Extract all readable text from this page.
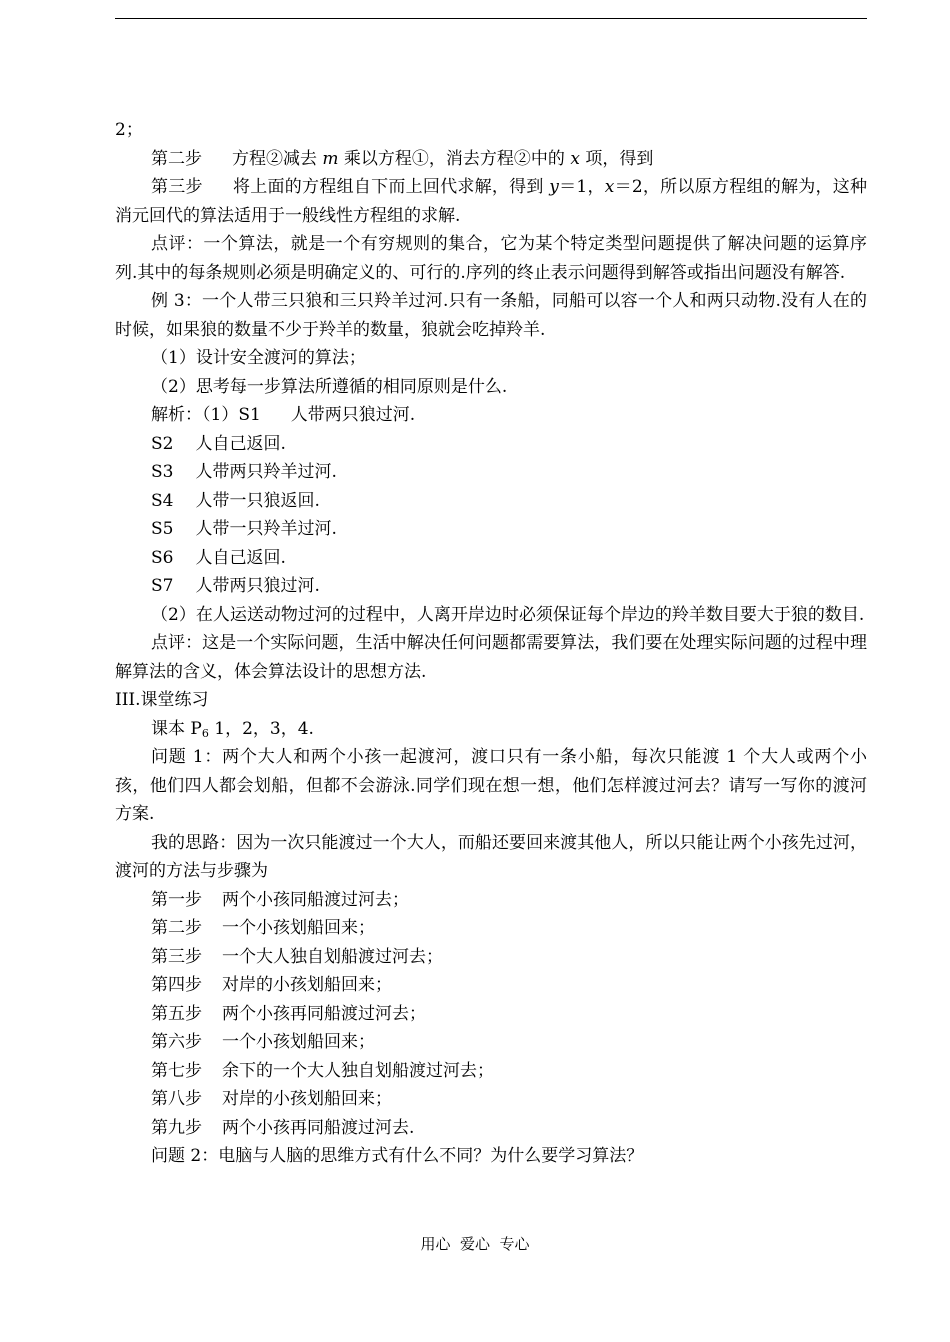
2；

第二步 方程②减去 m 乘以方程①，消去方程②中的 x 项，得到

第三步 将上面的方程组自下而上回代求解，得到 y＝1，x＝2，所以原方程组的解为，这种消元回代的算法适用于一般线性方程组的求解.

点评：一个算法，就是一个有穷规则的集合，它为某个特定类型问题提供了解决问题的运算序列.其中的每条规则必须是明确定义的、可行的.序列的终止表示问题得到解答或指出问题没有解答.

例 3：一个人带三只狼和三只羚羊过河.只有一条船，同船可以容一个人和两只动物.没有人在的时候，如果狼的数量不少于羚羊的数量，狼就会吃掉羚羊.

（1）设计安全渡河的算法；

（2）思考每一步算法所遵循的相同原则是什么.

解析：（1）S1 人带两只狼过河.

S2 人自己返回.

S3 人带两只羚羊过河.

S4 人带一只狼返回.

S5 人带一只羚羊过河.

S6 人自己返回.

S7 人带两只狼过河.

（2）在人运送动物过河的过程中，人离开岸边时必须保证每个岸边的羚羊数目要大于狼的数目.

点评：这是一个实际问题，生活中解决任何问题都需要算法，我们要在处理实际问题的过程中理解算法的含义，体会算法设计的思想方法.

III.课堂练习

课本 $P_6$ 1，2，3，4.

问题 1：两个大人和两个小孩一起渡河，渡口只有一条小船，每次只能渡 1 个大人或两个小孩，他们四人都会划船，但都不会游泳.同学们现在想一想，他们怎样渡过河去？请写一写你的渡河方案.

我的思路：因为一次只能渡过一个大人，而船还要回来渡其他人，所以只能让两个小孩先过河，渡河的方法与步骤为

第一步 两个小孩同船渡过河去；

第二步 一个小孩划船回来；

第三步 一个大人独自划船渡过河去；

第四步 对岸的小孩划船回来；

第五步 两个小孩再同船渡过河去；

第六步 一个小孩划船回来；

第七步 余下的一个大人独自划船渡过河去；

第八步 对岸的小孩划船回来；

第九步 两个小孩再同船渡过河去.

问题 2：电脑与人脑的思维方式有什么不同？为什么要学习算法？

用心  爱心  专心
